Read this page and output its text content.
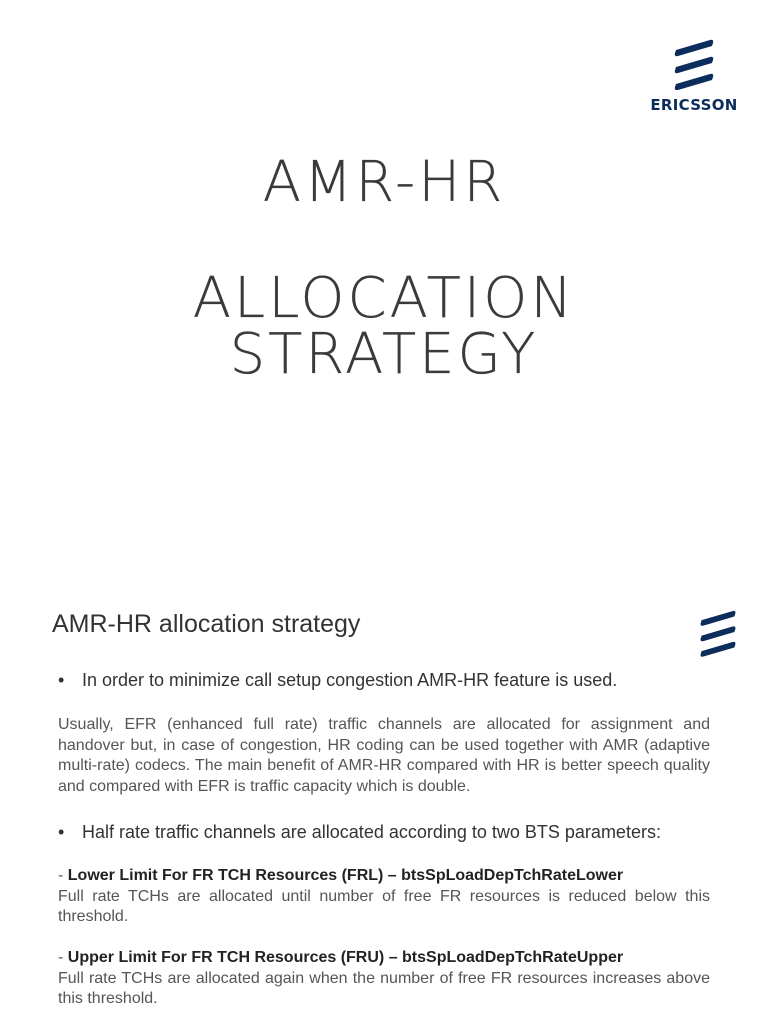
ERICSSON
AMR-HR
ALLOCATION
STRATEGY
AMR-HR allocation strategy
• In order to minimize call setup congestion AMR-HR feature is used.
Usually, EFR (enhanced full rate) traffic channels are allocated for assignment and handover but, in case of congestion, HR coding can be used together with AMR (adaptive multi-rate) codecs. The main benefit of AMR-HR compared with HR is better speech quality and compared with EFR is traffic capacity which is double.
• Half rate traffic channels are allocated according to two BTS parameters:
- Lower Limit For FR TCH Resources (FRL) – btsSpLoadDepTchRateLower
Full rate TCHs are allocated until number of free FR resources is reduced below this threshold.
- Upper Limit For FR TCH Resources (FRU) – btsSpLoadDepTchRateUpper
Full rate TCHs are allocated again when the number of free FR resources increases above this threshold.
